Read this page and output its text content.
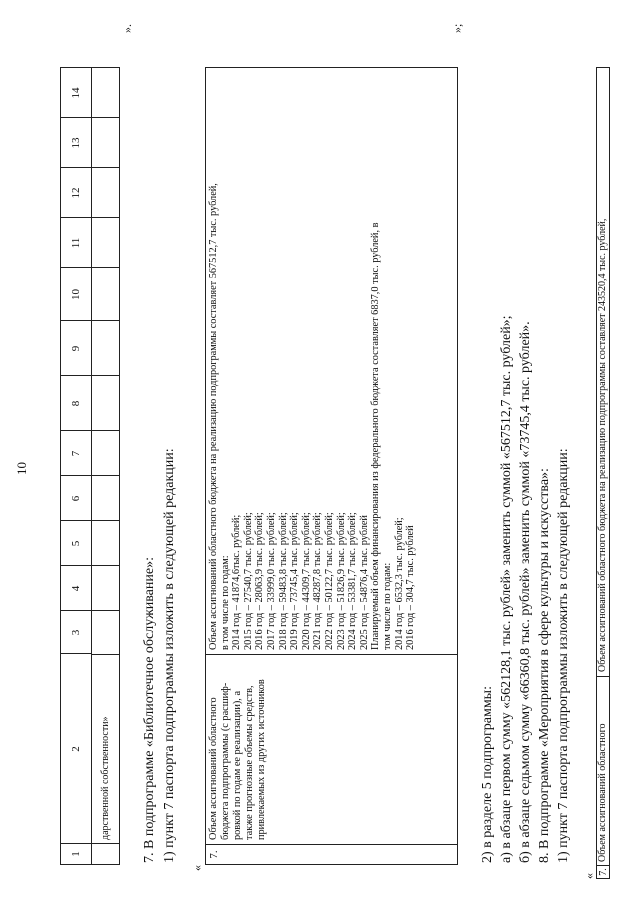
10
1
2
3
4
5
6
7
8
9
10
11
12
13
14
дарственной собственности»
».
7. В подпрограмме «Библиотечное обслуживание»: 1) пункт 7 паспорта подпрограммы изложить в следующей редакции:
«
7.
Объем ассигнований областного бюджета подпрограммы (с расшиф- ровкой по годам ее реализации), а также прогнозные объемы средств, привлекаемых из других источников
Объем ассигнований областного бюджета на реализацию подпрограммы составляет 567512,7 тыс. рублей, в том числе по годам: 2014 год – 41874,6тыс. рублей; 2015 год – 27540,7 тыс. рублей; 2016 год – 28063,9 тыс. рублей; 2017 год – 33999,0 тыс. рублей; 2018 год – 59483,8 тыс. рублей; 2019 год – 73745,4 тыс. рублей; 2020 год – 44309,7 тыс. рублей; 2021 год – 48287,8 тыс. рублей; 2022 год – 50122,7 тыс. рублей; 2023 год – 51826,9 тыс. рублей; 2024 год – 53381,7 тыс. рублей; 2025 год – 54876,4 тыс. рублей Планируемый объем финансирования из федерального бюджета составляет 6837,0 тыс. рублей, в том числе по годам: 2014 год – 6532,3 тыс. рублей; 2016 год – 304,7 тыс. рублей
»;
2) в разделе 5 подпрограммы: а) в абзаце первом сумму «562128,1 тыс. рублей» заменить суммой «567512,7 тыс. рублей»; б) в абзаце седьмом сумму «66360,8 тыс. рублей» заменить суммой «73745,4 тыс. рублей». 8. В подпрограмме «Мероприятия в сфере культуры и искусства»: 1) пункт 7 паспорта подпрограммы изложить в следующей редакции:
«
7.
Объем ассигнований областного
Объем ассигнований областного бюджета на реализацию подпрограммы составляет 243520,4 тыс. рублей,
